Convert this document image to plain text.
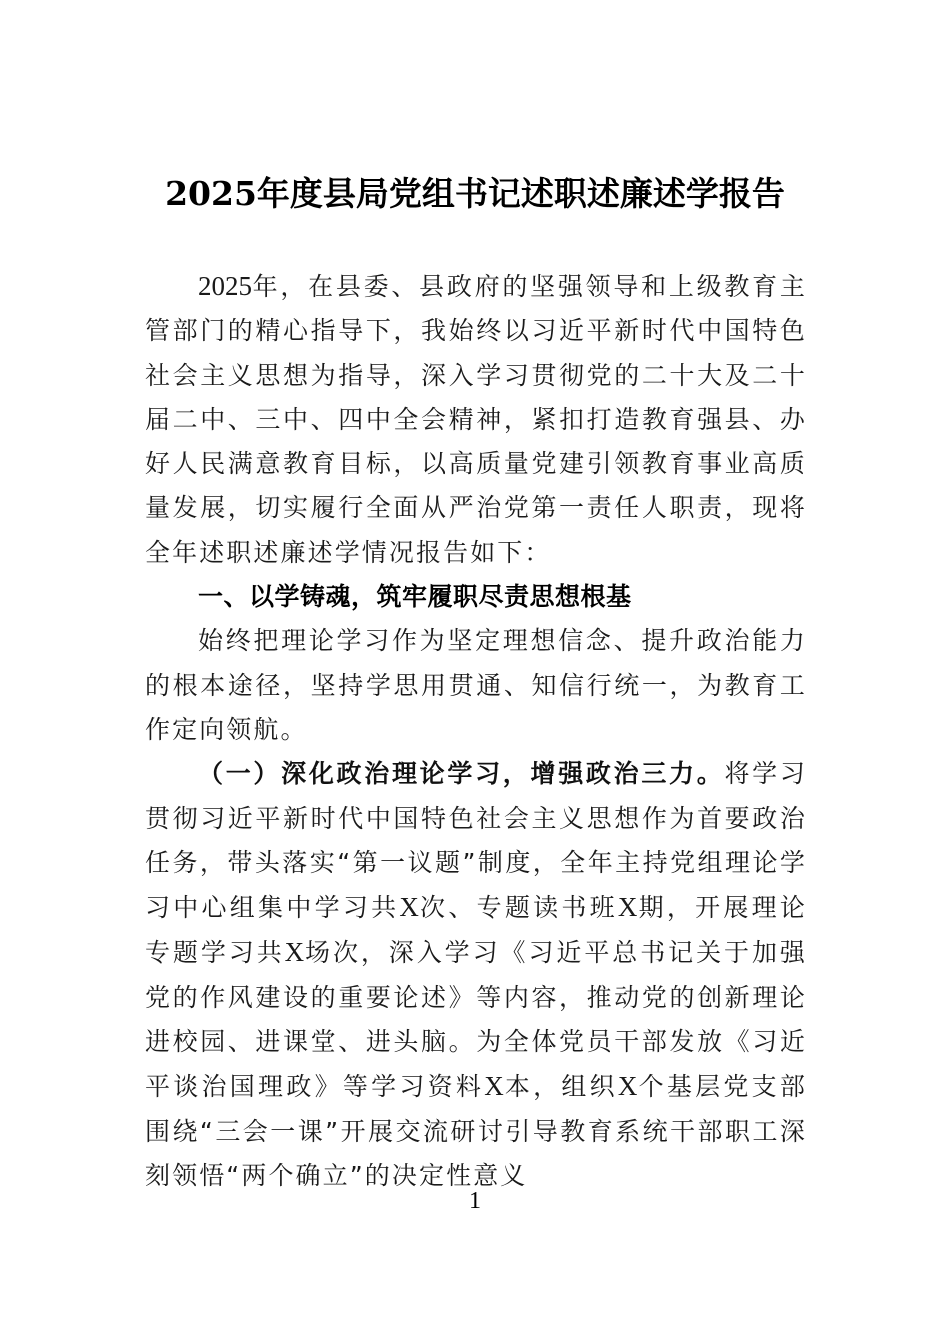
2025年度县局党组书记述职述廉述学报告

2025年，在县委、县政府的坚强领导和上级教育主管部门的精心指导下，我始终以习近平新时代中国特色社会主义思想为指导，深入学习贯彻党的二十大及二十届二中、三中、四中全会精神，紧扣打造教育强县、办好人民满意教育目标，以高质量党建引领教育事业高质量发展，切实履行全面从严治党第一责任人职责，现将全年述职述廉述学情况报告如下：

一、以学铸魂，筑牢履职尽责思想根基

始终把理论学习作为坚定理想信念、提升政治能力的根本途径，坚持学思用贯通、知信行统一，为教育工作定向领航。

（一）深化政治理论学习，增强政治三力。将学习贯彻习近平新时代中国特色社会主义思想作为首要政治任务，带头落实“第一议题”制度，全年主持党组理论学习中心组集中学习共X次、专题读书班X期，开展理论专题学习共X场次，深入学习《习近平总书记关于加强党的作风建设的重要论述》等内容，推动党的创新理论进校园、进课堂、进头脑。为全体党员干部发放《习近平谈治国理政》等学习资料X本，组织X个基层党支部围绕“三会一课”开展交流研讨引导教育系统干部职工深刻领悟“两个确立”的决定性意义

1
